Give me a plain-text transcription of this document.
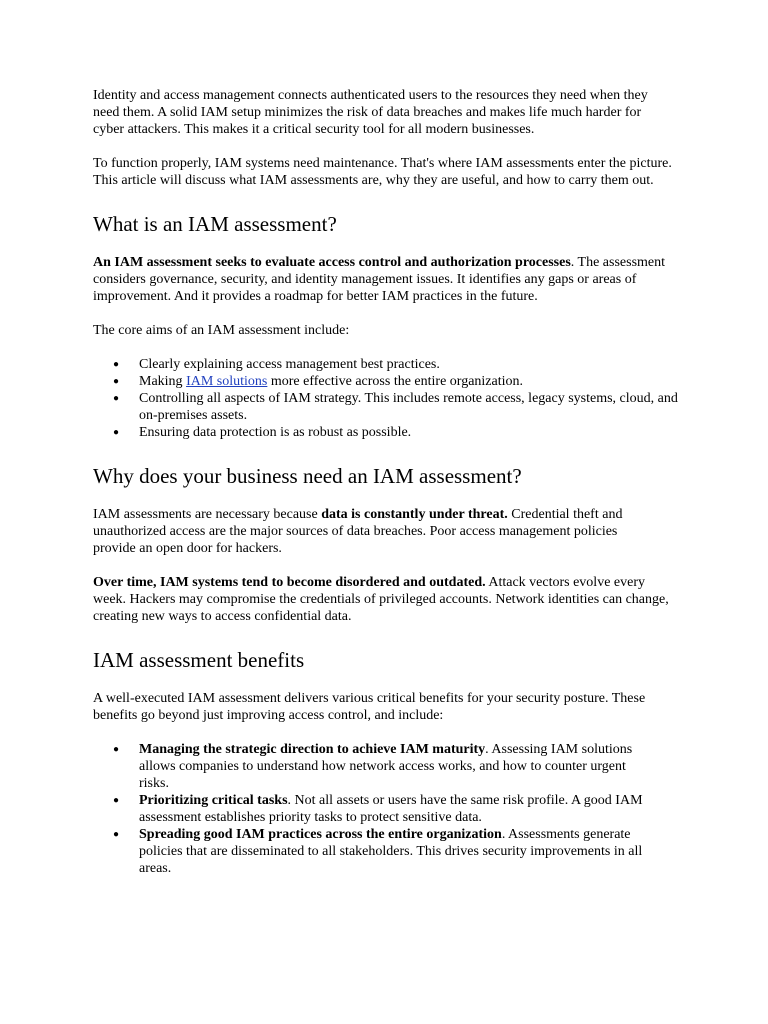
Identity and access management connects authenticated users to the resources they need when they need them. A solid IAM setup minimizes the risk of data breaches and makes life much harder for cyber attackers. This makes it a critical security tool for all modern businesses.

To function properly, IAM systems need maintenance. That's where IAM assessments enter the picture. This article will discuss what IAM assessments are, why they are useful, and how to carry them out.

What is an IAM assessment?

An IAM assessment seeks to evaluate access control and authorization processes. The assessment considers governance, security, and identity management issues. It identifies any gaps or areas of improvement. And it provides a roadmap for better IAM practices in the future.

The core aims of an IAM assessment include:

● Clearly explaining access management best practices.
● Making IAM solutions more effective across the entire organization.
● Controlling all aspects of IAM strategy. This includes remote access, legacy systems, cloud, and on-premises assets.
● Ensuring data protection is as robust as possible.
Why does your business need an IAM assessment?

IAM assessments are necessary because data is constantly under threat. Credential theft and unauthorized access are the major sources of data breaches. Poor access management policies provide an open door for hackers.

Over time, IAM systems tend to become disordered and outdated. Attack vectors evolve every week. Hackers may compromise the credentials of privileged accounts. Network identities can change, creating new ways to access confidential data.

IAM assessment benefits

A well-executed IAM assessment delivers various critical benefits for your security posture. These benefits go beyond just improving access control, and include:

● Managing the strategic direction to achieve IAM maturity. Assessing IAM solutions allows companies to understand how network access works, and how to counter urgent risks.
● Prioritizing critical tasks. Not all assets or users have the same risk profile. A good IAM assessment establishes priority tasks to protect sensitive data.
● Spreading good IAM practices across the entire organization. Assessments generate policies that are disseminated to all stakeholders. This drives security improvements in all areas.
